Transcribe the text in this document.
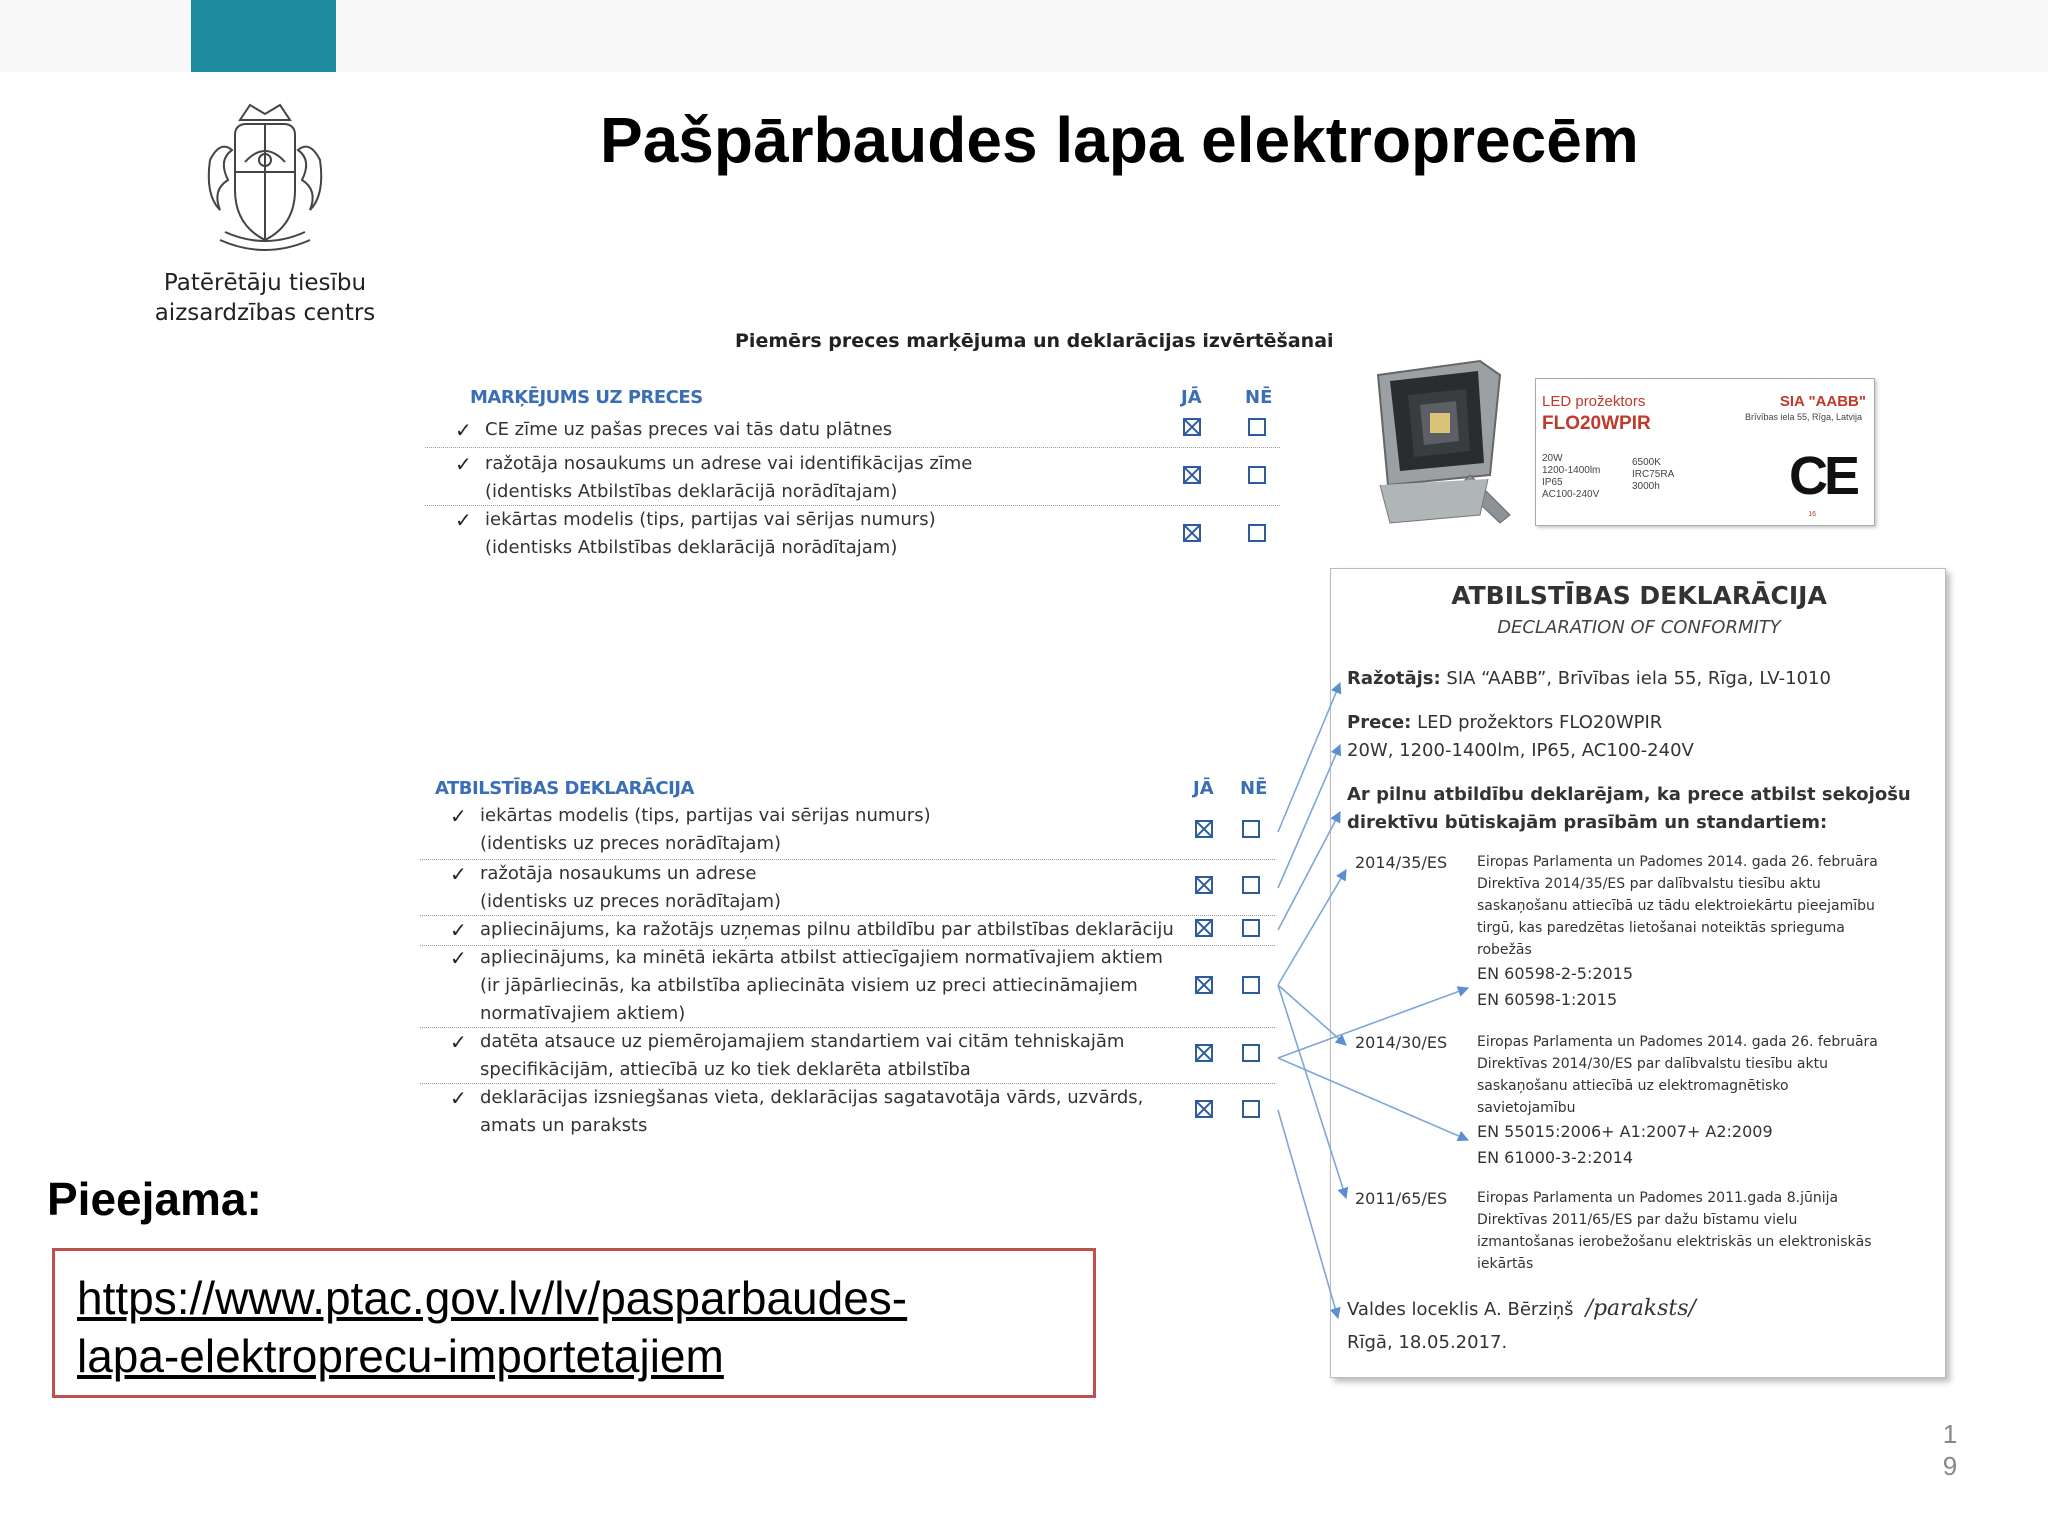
Patērētāju tiesību
aizsardzības centrs
Pašpārbaudes lapa elektroprecēm
Piemērs preces marķējuma un deklarācijas izvērtēšanai
MARĶĒJUMS UZ PRECES	JĀ NĒ
✓ CE zīme uz pašas preces vai tās datu plātnes
✓ ražotāja nosaukums un adrese vai identifikācijas zīme
(identisks Atbilstības deklarācijā norādītajam)
✓ iekārtas modelis (tips, partijas vai sērijas numurs)
(identisks Atbilstības deklarācijā norādītajam)
ATBILSTĪBAS DEKLARĀCIJA	JĀ NĒ
✓ iekārtas modelis (tips, partijas vai sērijas numurs)
(identisks uz preces norādītajam)
✓ ražotāja nosaukums un adrese
(identisks uz preces norādītajam)
✓ apliecinājums, ka ražotājs uzņemas pilnu atbildību par atbilstības deklarāciju
✓ apliecinājums, ka minētā iekārta atbilst attiecīgajiem normatīvajiem aktiem
(ir jāpārliecinās, ka atbilstība apliecināta visiem uz preci attiecināmajiem
normatīvajiem aktiem)
✓ datēta atsauce uz piemērojamajiem standartiem vai citām tehniskajām
specifikācijām, attiecībā uz ko tiek deklarēta atbilstība
✓ deklarācijas izsniegšanas vieta, deklarācijas sagatavotāja vārds, uzvārds,
amats un paraksts
LED prožektors
FLO20WPIR
SIA "AABB"
Brīvības iela 55, Rīga, Latvija
20W
1200-1400lm
IP65
AC100-240V
6500K
IRC75RA
3000h CE
16
ATBILSTĪBAS DEKLARĀCIJA
DECLARATION OF CONFORMITY
Ražotājs: SIA “AABB”, Brīvības iela 55, Rīga, LV-1010
Prece: LED prožektors FLO20WPIR
20W, 1200-1400lm, IP65, AC100-240V
Ar pilnu atbildību deklarējam, ka prece atbilst sekojošu
direktīvu būtiskajām prasībām un standartiem:
2014/35/ES Eiropas Parlamenta un Padomes 2014. gada 26. februāra
Direktīva 2014/35/ES par dalībvalstu tiesību aktu
saskaņošanu attiecībā uz tādu elektroiekārtu pieejamību
tirgū, kas paredzētas lietošanai noteiktās sprieguma
robežās
EN 60598-2-5:2015
EN 60598-1:2015
2014/30/ES Eiropas Parlamenta un Padomes 2014. gada 26. februāra
Direktīvas 2014/30/ES par dalībvalstu tiesību aktu
saskaņošanu attiecībā uz elektromagnētisko
savietojamību
EN 55015:2006+ A1:2007+ A2:2009
EN 61000-3-2:2014
2011/65/ES Eiropas Parlamenta un Padomes 2011.gada 8.jūnija
Direktīvas 2011/65/ES par dažu bīstamu vielu
izmantošanas ierobežošanu elektriskās un elektroniskās
iekārtās
Valdes loceklis A. Bērziņš /paraksts/
Rīgā, 18.05.2017.
Pieejama:
https://www.ptac.gov.lv/lv/pasparbaudes-
lapa-elektroprecu-importetajiem
1
9
